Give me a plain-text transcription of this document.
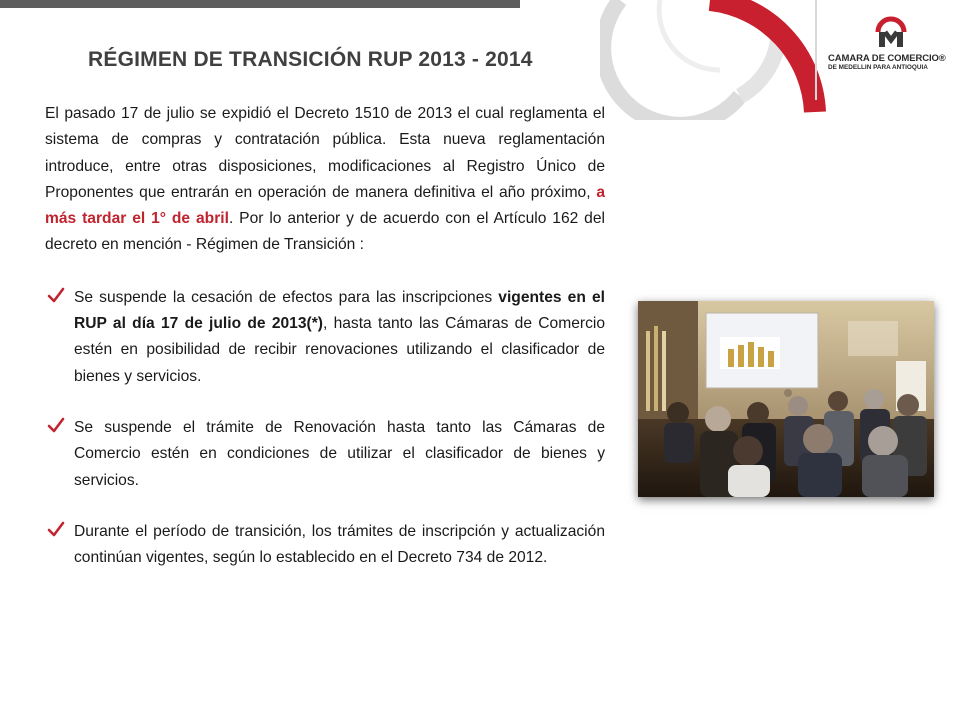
CAMARA DE COMERCIO®
DE MEDELLIN PARA ANTIOQUIA
RÉGIMEN DE TRANSICIÓN RUP 2013 - 2014

El pasado 17 de julio se expidió el Decreto 1510 de 2013 el cual reglamenta el sistema de compras y contratación pública. Esta nueva reglamentación introduce, entre otras disposiciones, modificaciones al Registro Único de Proponentes que entrarán en operación de manera definitiva el año próximo, a más tardar el 1° de abril. Por lo anterior y de acuerdo con el Artículo 162 del decreto en mención - Régimen de Transición :

Se suspende la cesación de efectos para las inscripciones vigentes en el RUP al día 17 de julio de 2013(*), hasta tanto las Cámaras de Comercio estén en posibilidad de recibir renovaciones utilizando el clasificador de bienes y servicios.
Se suspende el trámite de Renovación hasta tanto las Cámaras de Comercio estén en condiciones de utilizar el clasificador de bienes y servicios.
Durante el período de transición, los trámites de inscripción y actualización continúan vigentes, según lo establecido en el Decreto 734 de 2012.
